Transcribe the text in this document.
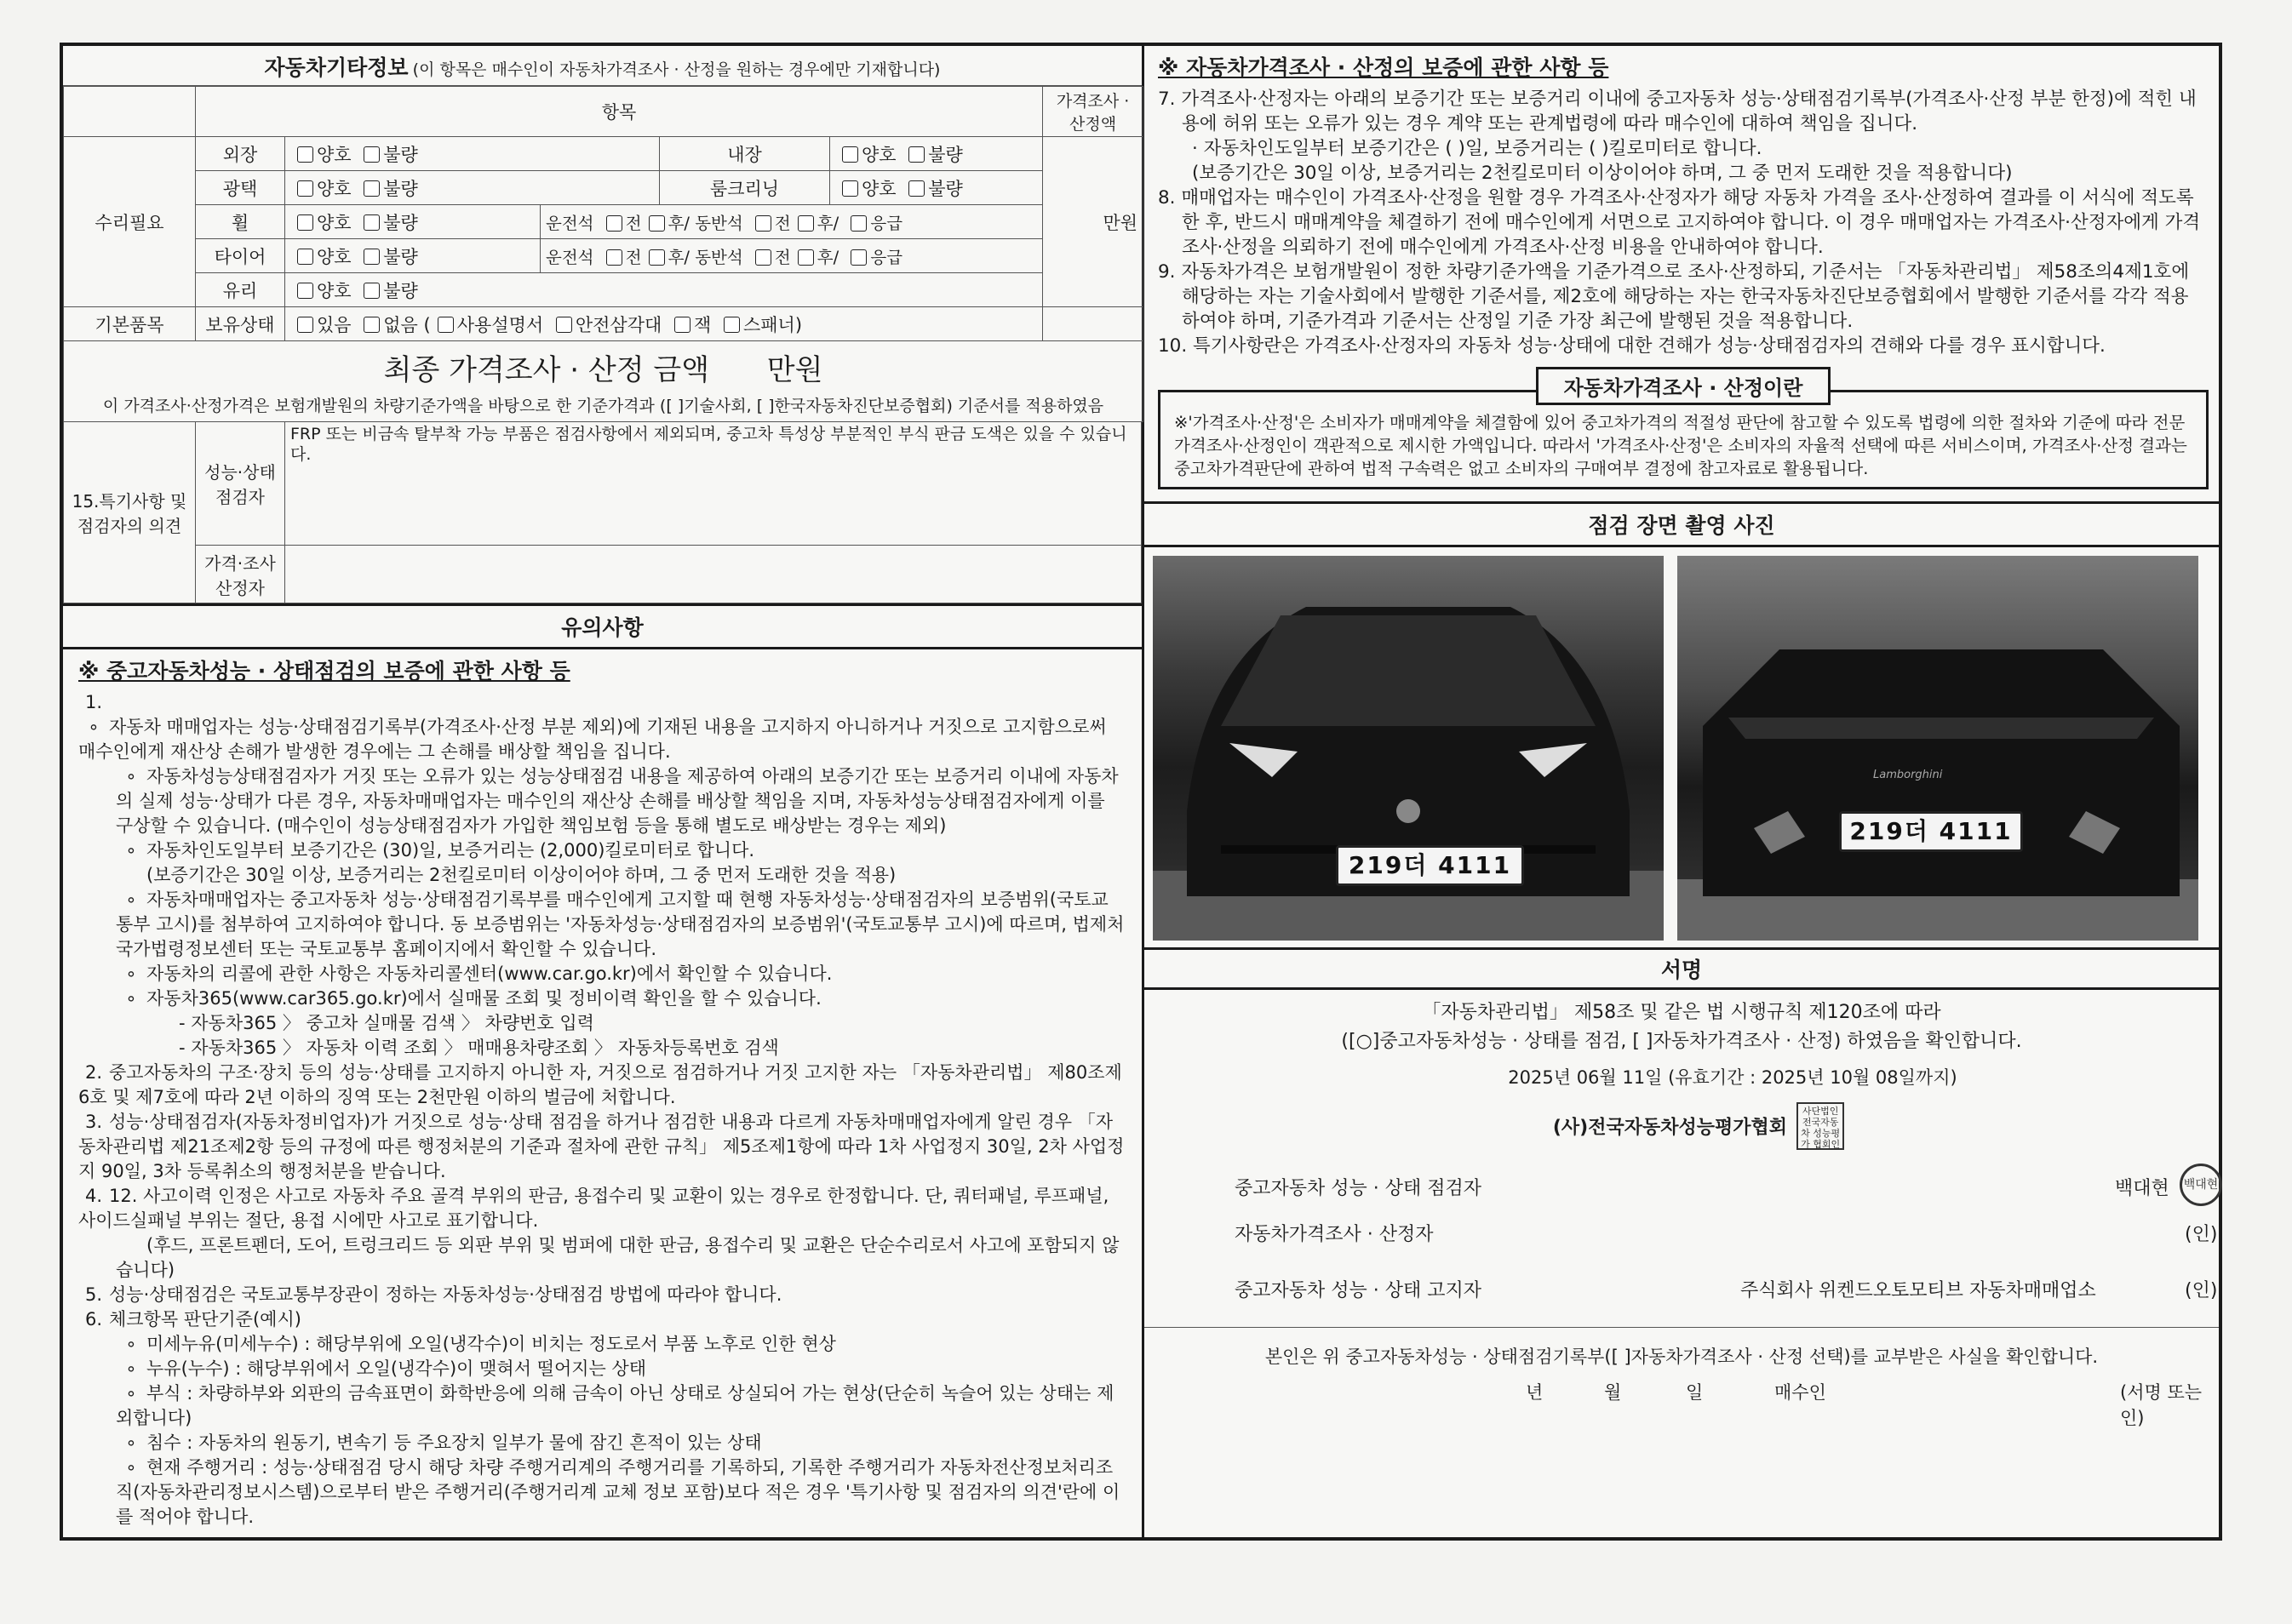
자동차기타정보 (이 항목은 매수인이 자동차가격조사 · 산정을 원하는 경우에만 기재합니다)
	항목					가격조사 · 산정액
수리필요	외장	양호 불량		내장	양호 불량	만원
	광택	양호 불량		룸크리닝	양호 불량	
	휠	양호 불량	운전석 전 후/ 동반석 전 후/ 응급			
	타이어	양호 불량	운전석 전 후/ 동반석 전 후/ 응급			
	유리	양호 불량				
기본품목	보유상태	있음 없음 ( 사용설명서 안전삼각대 잭 스패너)				

최종 가격조사 · 산정 금액 만원
이 가격조사·산정가격은 보험개발원의 차량기준가액을 바탕으로 한 기준가격과 ([ ]기술사회, [ ]한국자동차진단보증협회) 기준서를 적용하였음						
15.특기사항 및 점검자의 의견	성능·상태 점검자	FRP 또는 비금속 탈부착 가능 부품은 점검사항에서 제외되며, 중고차 특성상 부분적인 부식 판금 도색은 있을 수 있습니다.
	가격·조사 산정자	
유의사항
※ 중고자동차성능 · 상태점검의 보증에 관한 사항 등

1. ∘ 자동차 매매업자는 성능·상태점검기록부(가격조사·산정 부분 제외)에 기재된 내용을 고지하지 아니하거나 거짓으로 고지함으로써 매수인에게 재산상 손해가 발생한 경우에는 그 손해를 배상할 책임을 집니다.

∘ 자동차성능상태점검자가 거짓 또는 오류가 있는 성능상태점검 내용을 제공하여 아래의 보증기간 또는 보증거리 이내에 자동차의 실제 성능·상태가 다른 경우, 자동차매매업자는 매수인의 재산상 손해를 배상할 책임을 지며, 자동차성능상태점검자에게 이를 구상할 수 있습니다. (매수인이 성능상태점검자가 가입한 책임보험 등을 통해 별도로 배상받는 경우는 제외)

∘ 자동차인도일부터 보증기간은 (30)일, 보증거리는 (2,000)킬로미터로 합니다.

(보증기간은 30일 이상, 보증거리는 2천킬로미터 이상이어야 하며, 그 중 먼저 도래한 것을 적용)

∘ 자동차매매업자는 중고자동차 성능·상태점검기록부를 매수인에게 고지할 때 현행 자동차성능·상태점검자의 보증범위(국토교통부 고시)를 첨부하여 고지하여야 합니다. 동 보증범위는 '자동차성능·상태점검자의 보증범위'(국토교통부 고시)에 따르며, 법제처 국가법령정보센터 또는 국토교통부 홈페이지에서 확인할 수 있습니다.

∘ 자동차의 리콜에 관한 사항은 자동차리콜센터(www.car.go.kr)에서 확인할 수 있습니다.

∘ 자동차365(www.car365.go.kr)에서 실매물 조회 및 정비이력 확인을 할 수 있습니다.

- 자동차365 〉 중고차 실매물 검색 〉 차량번호 입력

- 자동차365 〉 자동차 이력 조회 〉 매매용차량조회 〉 자동차등록번호 검색

2. 중고자동차의 구조·장치 등의 성능·상태를 고지하지 아니한 자, 거짓으로 점검하거나 거짓 고지한 자는 「자동차관리법」 제80조제6호 및 제7호에 따라 2년 이하의 징역 또는 2천만원 이하의 벌금에 처합니다.

3. 성능·상태점검자(자동차정비업자)가 거짓으로 성능·상태 점검을 하거나 점검한 내용과 다르게 자동차매매업자에게 알린 경우 「자동차관리법 제21조제2항 등의 규정에 따른 행정처분의 기준과 절차에 관한 규칙」 제5조제1항에 따라 1차 사업정지 30일, 2차 사업정지 90일, 3차 등록취소의 행정처분을 받습니다.

4. 12. 사고이력 인정은 사고로 자동차 주요 골격 부위의 판금, 용접수리 및 교환이 있는 경우로 한정합니다. 단, 쿼터패널, 루프패널, 사이드실패널 부위는 절단, 용접 시에만 사고로 표기합니다.

(후드, 프론트펜더, 도어, 트렁크리드 등 외판 부위 및 범퍼에 대한 판금, 용접수리 및 교환은 단순수리로서 사고에 포함되지 않습니다)

5. 성능·상태점검은 국토교통부장관이 정하는 자동차성능·상태점검 방법에 따라야 합니다.

6. 체크항목 판단기준(예시)

∘ 미세누유(미세누수) : 해당부위에 오일(냉각수)이 비치는 정도로서 부품 노후로 인한 현상

∘ 누유(누수) : 해당부위에서 오일(냉각수)이 맺혀서 떨어지는 상태

∘ 부식 : 차량하부와 외판의 금속표면이 화학반응에 의해 금속이 아닌 상태로 상실되어 가는 현상(단순히 녹슬어 있는 상태는 제외합니다)

∘ 침수 : 자동차의 원동기, 변속기 등 주요장치 일부가 물에 잠긴 흔적이 있는 상태

∘ 현재 주행거리 : 성능·상태점검 당시 해당 차량 주행거리계의 주행거리를 기록하되, 기록한 주행거리가 자동차전산정보처리조직(자동차관리정보시스템)으로부터 받은 주행거리(주행거리계 교체 정보 포함)보다 적은 경우 '특기사항 및 점검자의 의견'란에 이를 적어야 합니다.

※ 자동차가격조사 · 산정의 보증에 관한 사항 등

7. 가격조사·산정자는 아래의 보증기간 또는 보증거리 이내에 중고자동차 성능·상태점검기록부(가격조사·산정 부분 한정)에 적힌 내용에 허위 또는 오류가 있는 경우 계약 또는 관계법령에 따라 매수인에 대하여 책임을 집니다.

· 자동차인도일부터 보증기간은 ( )일, 보증거리는 ( )킬로미터로 합니다.

(보증기간은 30일 이상, 보증거리는 2천킬로미터 이상이어야 하며, 그 중 먼저 도래한 것을 적용합니다)

8. 매매업자는 매수인이 가격조사·산정을 원할 경우 가격조사·산정자가 해당 자동차 가격을 조사·산정하여 결과를 이 서식에 적도록 한 후, 반드시 매매계약을 체결하기 전에 매수인에게 서면으로 고지하여야 합니다. 이 경우 매매업자는 가격조사·산정자에게 가격조사·산정을 의뢰하기 전에 매수인에게 가격조사·산정 비용을 안내하여야 합니다.

9. 자동차가격은 보험개발원이 정한 차량기준가액을 기준가격으로 조사·산정하되, 기준서는 「자동차관리법」 제58조의4제1호에 해당하는 자는 기술사회에서 발행한 기준서를, 제2호에 해당하는 자는 한국자동차진단보증협회에서 발행한 기준서를 각각 적용하여야 하며, 기준가격과 기준서는 산정일 기준 가장 최근에 발행된 것을 적용합니다.

10. 특기사항란은 가격조사·산정자의 자동차 성능·상태에 대한 견해가 성능·상태점검자의 견해와 다를 경우 표시합니다.

자동차가격조사 · 산정이란
※'가격조사·산정'은 소비자가 매매계약을 체결함에 있어 중고차가격의 적절성 판단에 참고할 수 있도록 법령에 의한 절차와 기준에 따라 전문가격조사·산정인이 객관적으로 제시한 가액입니다. 따라서 '가격조사·산정'은 소비자의 자율적 선택에 따른 서비스이며, 가격조사·산정 결과는 중고차가격판단에 관하여 법적 구속력은 없고 소비자의 구매여부 결정에 참고자료로 활용됩니다.
점검 장면 촬영 사진
219더 4111
Lamborghini
219더 4111
서명
「자동차관리법」 제58조 및 같은 법 시행규칙 제120조에 따라
([○]중고자동차성능 · 상태를 점검, [ ]자동차가격조사 · 산정) 하였음을 확인합니다.
2025년 06월 11일 (유효기간 : 2025년 10월 08일까지)
(사)전국자동차성능평가협회 사단법인 전국자동차 성능평가 협회인
중고자동차 성능 · 상태 점검자	백대현	백대현
자동차가격조사 · 산정자	(인)
중고자동차 성능 · 상태 고지자	주식회사 위켄드오토모티브 자동차매매업소	(인)
본인은 위 중고자동차성능 · 상태점검기록부([ ]자동차가격조사 · 산정 선택)를 교부받은 사실을 확인합니다.
년	월	일	매수인	(서명 또는 인)
